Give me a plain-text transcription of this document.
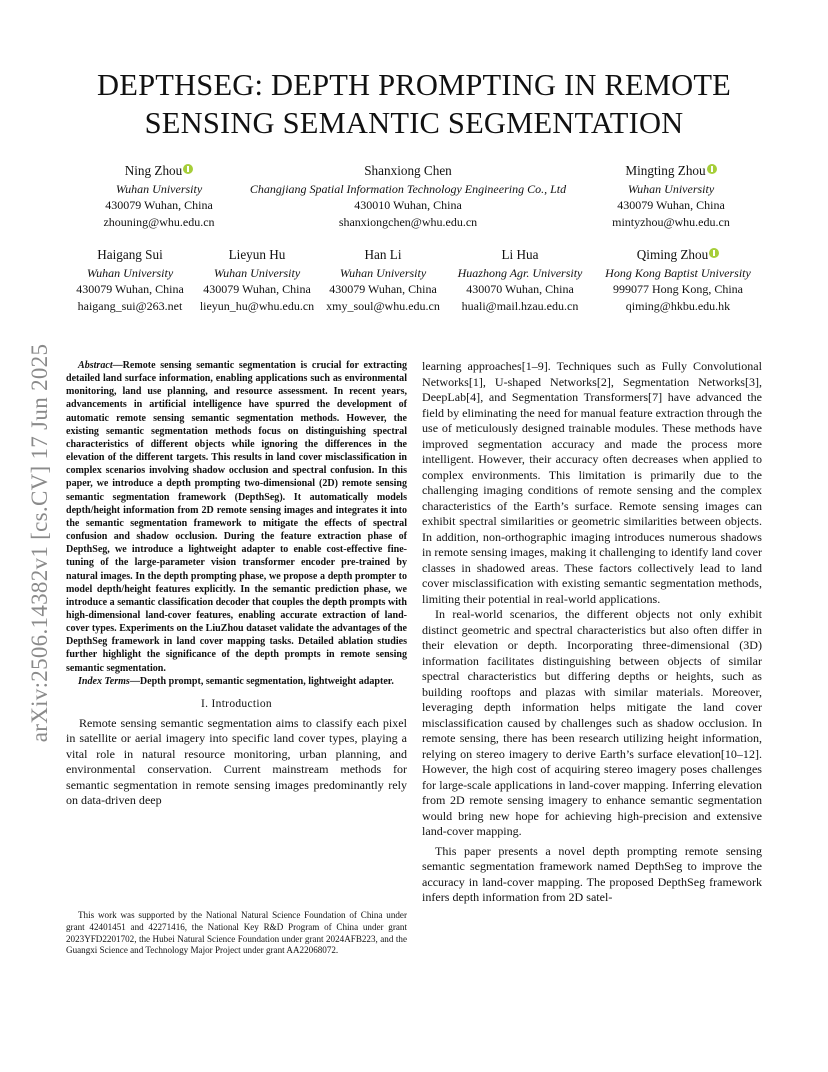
DEPTHSEG: DEPTH PROMPTING IN REMOTE SENSING SEMANTIC SEGMENTATION
arXiv:2506.14382v1 [cs.CV] 17 Jun 2025
Ning Zhou
Wuhan University
430079 Wuhan, China
zhouning@whu.edu.cn
Shanxiong Chen
Changjiang Spatial Information Technology Engineering Co., Ltd
430010 Wuhan, China
shanxiongchen@whu.edu.cn
Mingting Zhou
Wuhan University
430079 Wuhan, China
mintyzhou@whu.edu.cn
Haigang Sui
Wuhan University
430079 Wuhan, China
haigang_sui@263.net
Lieyun Hu
Wuhan University
430079 Wuhan, China
lieyun_hu@whu.edu.cn
Han Li
Wuhan University
430079 Wuhan, China
xmy_soul@whu.edu.cn
Li Hua
Huazhong Agr. University
430070 Wuhan, China
huali@mail.hzau.edu.cn
Qiming Zhou
Hong Kong Baptist University
999077 Hong Kong, China
qiming@hkbu.edu.hk

Abstract—Remote sensing semantic segmentation is crucial for extracting detailed land surface information, enabling applications such as environmental monitoring, land use planning, and resource assessment. In recent years, advancements in artificial intelligence have spurred the development of automatic remote sensing semantic segmentation methods. However, the existing semantic segmentation methods focus on distinguishing spectral characteristics of different objects while ignoring the differences in the elevation of the different targets. This results in land cover misclassification in complex scenarios involving shadow occlusion and spectral confusion. In this paper, we introduce a depth prompting two-dimensional (2D) remote sensing semantic segmentation framework (DepthSeg). It automatically models depth/height information from 2D remote sensing images and integrates it into the semantic segmentation framework to mitigate the effects of spectral confusion and shadow occlusion. During the feature extraction phase of DepthSeg, we introduce a lightweight adapter to enable cost-effective fine-tuning of the large-parameter vision transformer encoder pre-trained by natural images. In the depth prompting phase, we propose a depth prompter to model depth/height features explicitly. In the semantic prediction phase, we introduce a semantic classification decoder that couples the depth prompts with high-dimensional land-cover features, enabling accurate extraction of land-cover types. Experiments on the LiuZhou dataset validate the advantages of the DepthSeg framework in land cover mapping tasks. Detailed ablation studies further highlight the significance of the depth prompts in remote sensing semantic segmentation.

Index Terms—Depth prompt, semantic segmentation, lightweight adapter.

I. Introduction

Remote sensing semantic segmentation aims to classify each pixel in satellite or aerial imagery into specific land cover types, playing a vital role in natural resource monitoring, urban planning, and environmental conservation. Current mainstream methods for semantic segmentation in remote sensing images predominantly rely on data-driven deep

This work was supported by the National Natural Science Foundation of China under grant 42401451 and 42271416, the National Key R&D Program of China under grant 2023YFD2201702, the Hubei Natural Science Foundation under grant 2024AFB223, and the Guangxi Science and Technology Major Project under grant AA22068072.

learning approaches[1–9]. Techniques such as Fully Convolutional Networks[1], U-shaped Networks[2], Segmentation Networks[3], DeepLab[4], and Segmentation Transformers[7] have advanced the field by eliminating the need for manual feature extraction through the use of meticulously designed trainable modules. These methods have improved segmentation accuracy and made the process more intelligent. However, their accuracy often decreases when applied to complex environments. This limitation is primarily due to the challenging imaging conditions of remote sensing and the complex characteristics of the Earth’s surface. Remote sensing images can exhibit spectral similarities or geometric similarities between objects. In addition, non-orthographic imaging introduces numerous shadows in remote sensing images, making it challenging to identify land cover classes in shadowed areas. These factors collectively lead to land cover misclassification with existing semantic segmentation methods, limiting their potential in real-world applications.

In real-world scenarios, the different objects not only exhibit distinct geometric and spectral characteristics but also often differ in their elevation or depth. Incorporating three-dimensional (3D) information facilitates distinguishing between objects of similar spectral characteristics but differing depths or heights, such as building rooftops and plazas with similar materials. Moreover, leveraging depth information helps mitigate the land cover misclassification caused by challenges such as shadow occlusion. In remote sensing, there has been research utilizing height information, relying on stereo imagery to derive Earth’s surface elevation[10–12]. However, the high cost of acquiring stereo imagery poses challenges for large-scale applications in land-cover mapping. Inferring elevation from 2D remote sensing imagery to enhance semantic segmentation would bring new hope for achieving high-precision and extensive land-cover mapping.

This paper presents a novel depth prompting remote sensing semantic segmentation framework named DepthSeg to improve the accuracy in land-cover mapping. The proposed DepthSeg framework infers depth information from 2D satel-
